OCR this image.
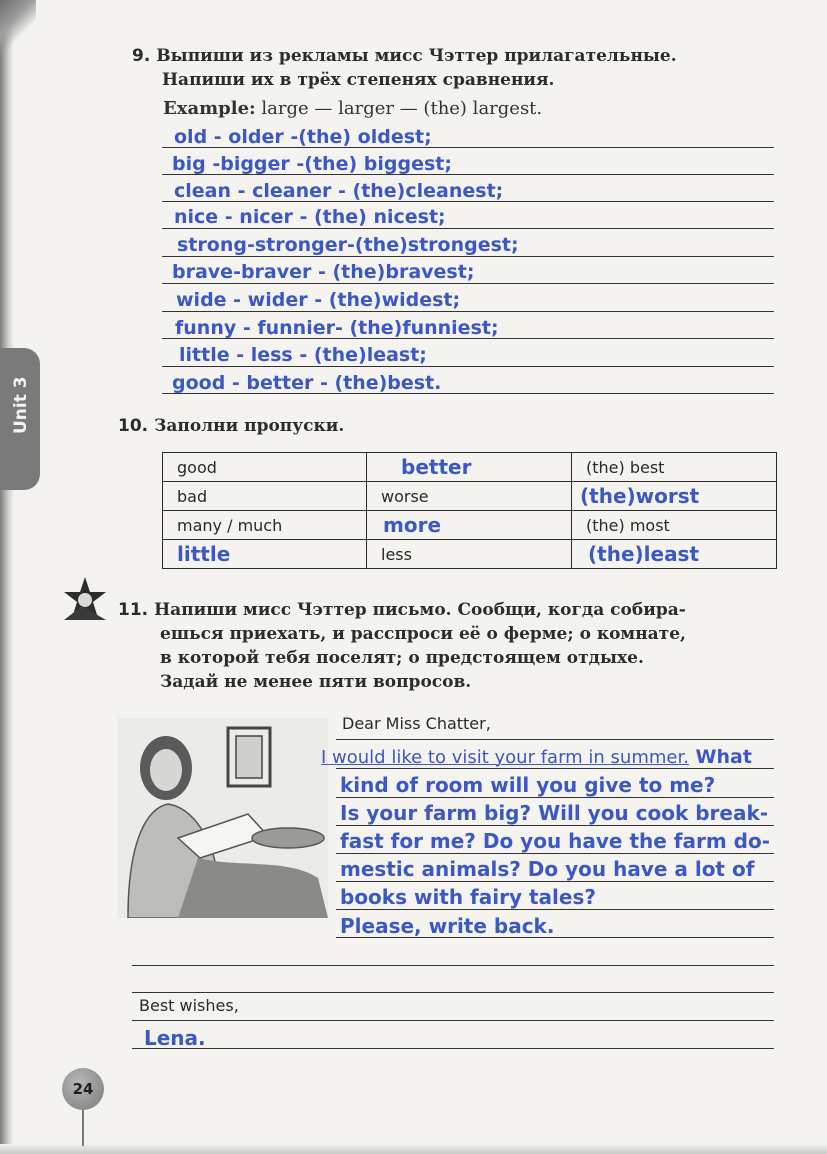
Unit 3
9. Выпиши из рекламы мисс Чэттер прилагательные.
Напиши их в трёх степенях сравнения.
Example: large — larger — (the) largest.
old - older -(the) oldest;
big -bigger -(the) biggest;
clean - cleaner - (the)cleanest;
nice - nicer - (the) nicest;
strong-stronger-(the)strongest;
brave-braver - (the)bravest;
wide - wider - (the)widest;
funny - funnier- (the)funniest;
little - less - (the)least;
good - better - (the)best.
10. Заполни пропуски.
good	better	(the) best
bad	worse	(the)worst
many / much	more	(the) most
little	less	(the)least
11. Напиши мисс Чэттер письмо. Сообщи, когда собира-
ешься приехать, и расспроси её о ферме; о комнате,
в которой тебя поселят; о предстоящем отдыхе.
Задай не менее пяти вопросов.
Dear Miss Chatter,
I would like to visit your farm in summer. What
kind of room will you give to me?
Is your farm big? Will you cook break-
fast for me? Do you have the farm do-
mestic animals? Do you have a lot of
books with fairy tales?
Please, write back.
Best wishes,
Lena.
24
